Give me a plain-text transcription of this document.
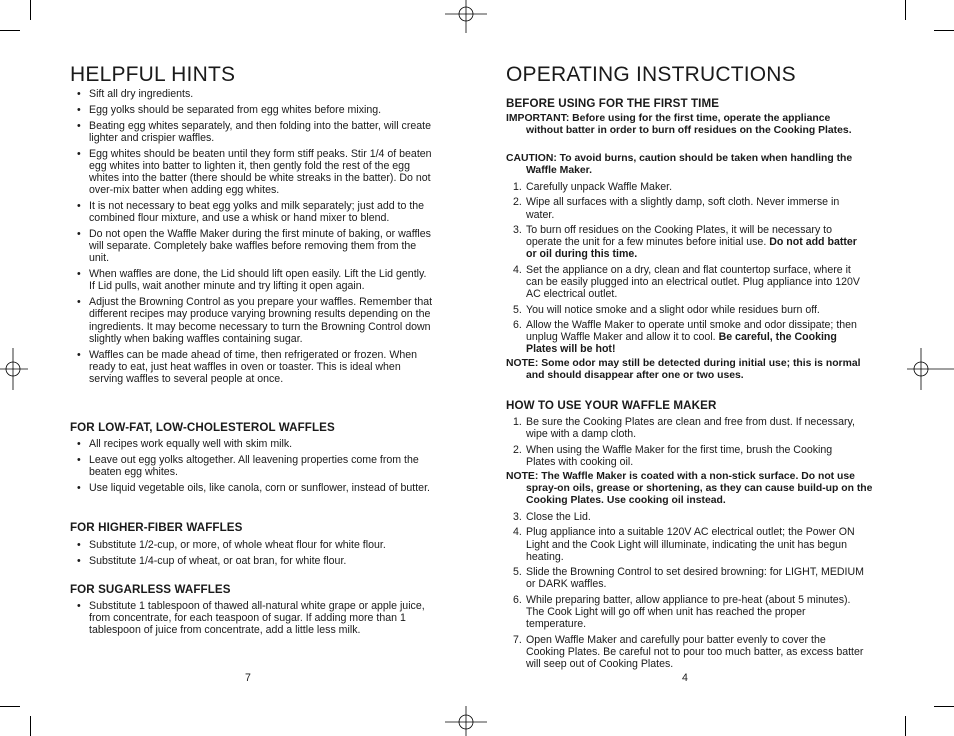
HELPFUL HINTS
• Sift all dry ingredients.
• Egg yolks should be separated from egg whites before mixing.
• Beating egg whites separately, and then folding into the batter, will create lighter and crispier waffles.
• Egg whites should be beaten until they form stiff peaks. Stir 1/4 of beaten egg whites into batter to lighten it, then gently fold the rest of the egg whites into the batter (there should be white streaks in the batter). Do not over-mix batter when adding egg whites.
• It is not necessary to beat egg yolks and milk separately; just add to the combined flour mixture, and use a whisk or hand mixer to blend.
• Do not open the Waffle Maker during the first minute of baking, or waffles will separate. Completely bake waffles before removing them from the unit.
• When waffles are done, the Lid should lift open easily. Lift the Lid gently. If Lid pulls, wait another minute and try lifting it open again.
• Adjust the Browning Control as you prepare your waffles. Remember that different recipes may produce varying browning results depending on the ingredients. It may become necessary to turn the Browning Control down slightly when baking waffles containing sugar.
• Waffles can be made ahead of time, then refrigerated or frozen. When ready to eat, just heat waffles in oven or toaster. This is ideal when serving waffles to several people at once.
FOR LOW-FAT, LOW-CHOLESTEROL WAFFLES
• All recipes work equally well with skim milk.
• Leave out egg yolks altogether. All leavening properties come from the beaten egg whites.
• Use liquid vegetable oils, like canola, corn or sunflower, instead of butter.
FOR HIGHER-FIBER WAFFLES
• Substitute 1/2-cup, or more, of whole wheat flour for white flour.
• Substitute 1/4-cup of wheat, or oat bran, for white flour.
FOR SUGARLESS WAFFLES
• Substitute 1 tablespoon of thawed all-natural white grape or apple juice, from concentrate, for each teaspoon of sugar. If adding more than 1 tablespoon of juice from concentrate, add a little less milk.
7
OPERATING INSTRUCTIONS
BEFORE USING FOR THE FIRST TIME
IMPORTANT: Before using for the first time, operate the appliance without batter in order to burn off residues on the Cooking Plates.
CAUTION: To avoid burns, caution should be taken when handling the Waffle Maker.
1. Carefully unpack Waffle Maker.
2. Wipe all surfaces with a slightly damp, soft cloth. Never immerse in water.
3. To burn off residues on the Cooking Plates, it will be necessary to operate the unit for a few minutes before initial use. Do not add batter or oil during this time.
4. Set the appliance on a dry, clean and flat countertop surface, where it can be easily plugged into an electrical outlet. Plug appliance into 120V AC electrical outlet.
5. You will notice smoke and a slight odor while residues burn off.
6. Allow the Waffle Maker to operate until smoke and odor dissipate; then unplug Waffle Maker and allow it to cool. Be careful, the Cooking Plates will be hot!
NOTE: Some odor may still be detected during initial use; this is normal and should disappear after one or two uses.
HOW TO USE YOUR WAFFLE MAKER
1. Be sure the Cooking Plates are clean and free from dust. If necessary, wipe with a damp cloth.
2. When using the Waffle Maker for the first time, brush the Cooking Plates with cooking oil.
NOTE: The Waffle Maker is coated with a non-stick surface. Do not use spray-on oils, grease or shortening, as they can cause build-up on the Cooking Plates. Use cooking oil instead.
3. Close the Lid.
4. Plug appliance into a suitable 120V AC electrical outlet; the Power ON Light and the Cook Light will illuminate, indicating the unit has begun heating.
5. Slide the Browning Control to set desired browning: for LIGHT, MEDIUM or DARK waffles.
6. While preparing batter, allow appliance to pre-heat (about 5 minutes). The Cook Light will go off when unit has reached the proper temperature.
7. Open Waffle Maker and carefully pour batter evenly to cover the Cooking Plates. Be careful not to pour too much batter, as excess batter will seep out of Cooking Plates.
4
